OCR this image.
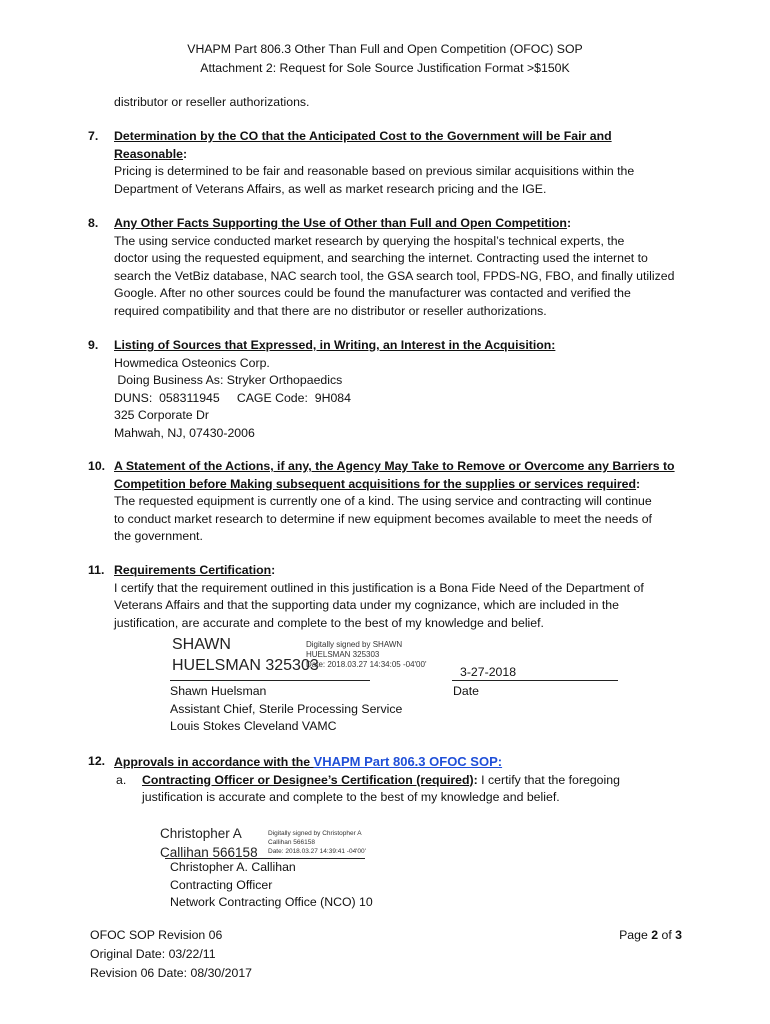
VHAPM Part 806.3 Other Than Full and Open Competition (OFOC) SOP
Attachment 2: Request for Sole Source Justification Format >$150K
distributor or reseller authorizations.
7. Determination by the CO that the Anticipated Cost to the Government will be Fair and

Reasonable:

Pricing is determined to be fair and reasonable based on previous similar acquisitions within the

Department of Veterans Affairs, as well as market research pricing and the IGE.

8. Any Other Facts Supporting the Use of Other than Full and Open Competition:

The using service conducted market research by querying the hospital’s technical experts, the

doctor using the requested equipment, and searching the internet. Contracting used the internet to

search the VetBiz database, NAC search tool, the GSA search tool, FPDS-NG, FBO, and finally utilized

Google. After no other sources could be found the manufacturer was contacted and verified the

required compatibility and that there are no distributor or reseller authorizations.

9. Listing of Sources that Expressed, in Writing, an Interest in the Acquisition:

Howmedica Osteonics Corp.

Doing Business As: Stryker Orthopaedics

DUNS:  058311945     CAGE Code:  9H084

325 Corporate Dr

Mahwah, NJ, 07430-2006

10. A Statement of the Actions, if any, the Agency May Take to Remove or Overcome any Barriers to

Competition before Making subsequent acquisitions for the supplies or services required:

The requested equipment is currently one of a kind. The using service and contracting will continue

to conduct market research to determine if new equipment becomes available to meet the needs of

the government.

11. Requirements Certification:

I certify that the requirement outlined in this justification is a Bona Fide Need of the Department of

Veterans Affairs and that the supporting data under my cognizance, which are included in the

justification, are accurate and complete to the best of my knowledge and belief.

SHAWN
HUELSMAN 325303
Digitally signed by SHAWN
HUELSMAN 325303
Date: 2018.03.27 14:34:05 -04'00'
3-27-2018

Shawn Huelsman

Assistant Chief, Sterile Processing Service

Louis Stokes Cleveland VAMC

Date
12. Approvals in accordance with the VHAPM Part 806.3 OFOC SOP:

a. Contracting Officer or Designee’s Certification (required): I certify that the foregoing

justification is accurate and complete to the best of my knowledge and belief.

Christopher A
Callihan 566158
Digitally signed by Christopher A
Callihan 566158
Date: 2018.03.27 14:39:41 -04'00'

Christopher A. Callihan

Contracting Officer

Network Contracting Office (NCO) 10

OFOC SOP Revision 06
Original Date: 03/22/11
Revision 06 Date: 08/30/2017
Page 2 of 3
